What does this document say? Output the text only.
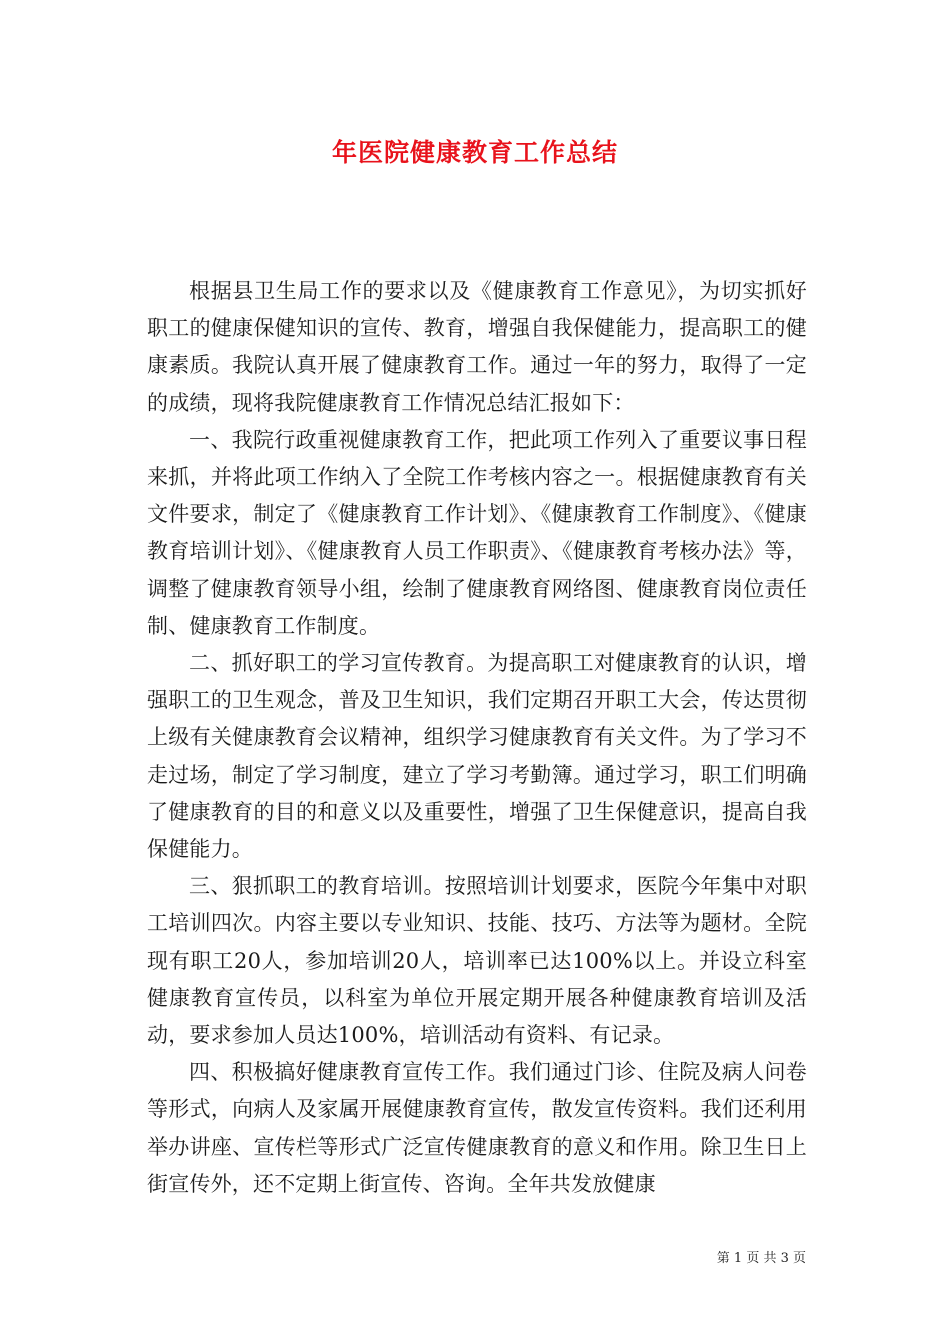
年医院健康教育工作总结

根据县卫生局工作的要求以及《健康教育工作意见》，为切实抓好职工的健康保健知识的宣传、教育，增强自我保健能力，提高职工的健康素质。我院认真开展了健康教育工作。通过一年的努力，取得了一定的成绩，现将我院健康教育工作情况总结汇报如下：

一、我院行政重视健康教育工作，把此项工作列入了重要议事日程来抓，并将此项工作纳入了全院工作考核内容之一。根据健康教育有关文件要求，制定了《健康教育工作计划》、《健康教育工作制度》、《健康教育培训计划》、《健康教育人员工作职责》、《健康教育考核办法》等，调整了健康教育领导小组，绘制了健康教育网络图、健康教育岗位责任制、健康教育工作制度。

二、抓好职工的学习宣传教育。为提高职工对健康教育的认识，增强职工的卫生观念，普及卫生知识，我们定期召开职工大会，传达贯彻上级有关健康教育会议精神，组织学习健康教育有关文件。为了学习不走过场，制定了学习制度，建立了学习考勤簿。通过学习，职工们明确了健康教育的目的和意义以及重要性，增强了卫生保健意识，提高自我保健能力。

三、狠抓职工的教育培训。按照培训计划要求，医院今年集中对职工培训四次。内容主要以专业知识、技能、技巧、方法等为题材。全院现有职工20人，参加培训20人，培训率已达100%以上。并设立科室健康教育宣传员，以科室为单位开展定期开展各种健康教育培训及活动，要求参加人员达100%，培训活动有资料、有记录。

四、积极搞好健康教育宣传工作。我们通过门诊、住院及病人问卷等形式，向病人及家属开展健康教育宣传，散发宣传资料。我们还利用举办讲座、宣传栏等形式广泛宣传健康教育的意义和作用。除卫生日上街宣传外，还不定期上街宣传、咨询。全年共发放健康

第 1 页 共 3 页
